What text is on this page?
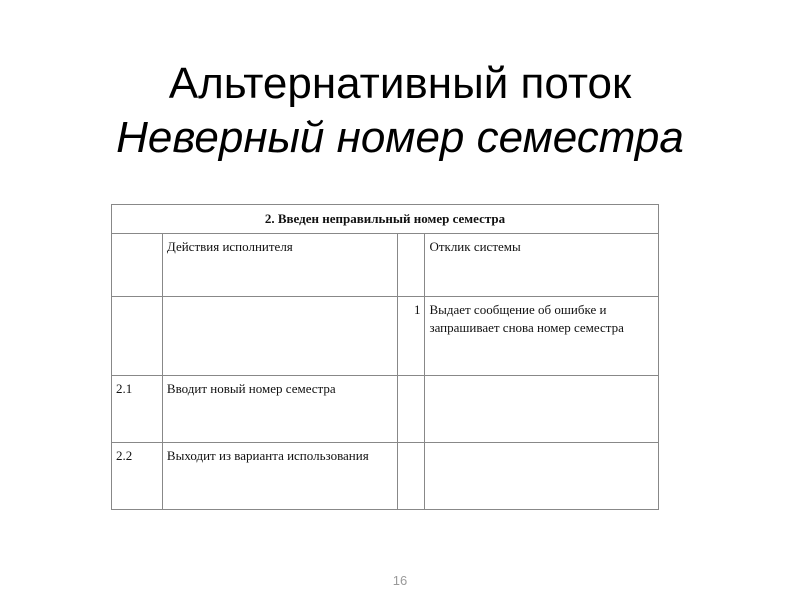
Альтернативный поток
Неверный номер семестра
2. Введен неправильный номер семестра			
	Действия исполнителя		Отклик системы
		1	Выдает сообщение об ошибке и запрашивает снова номер семестра
2.1	Вводит новый номер семестра		
2.2	Выходит из варианта использования		
16
